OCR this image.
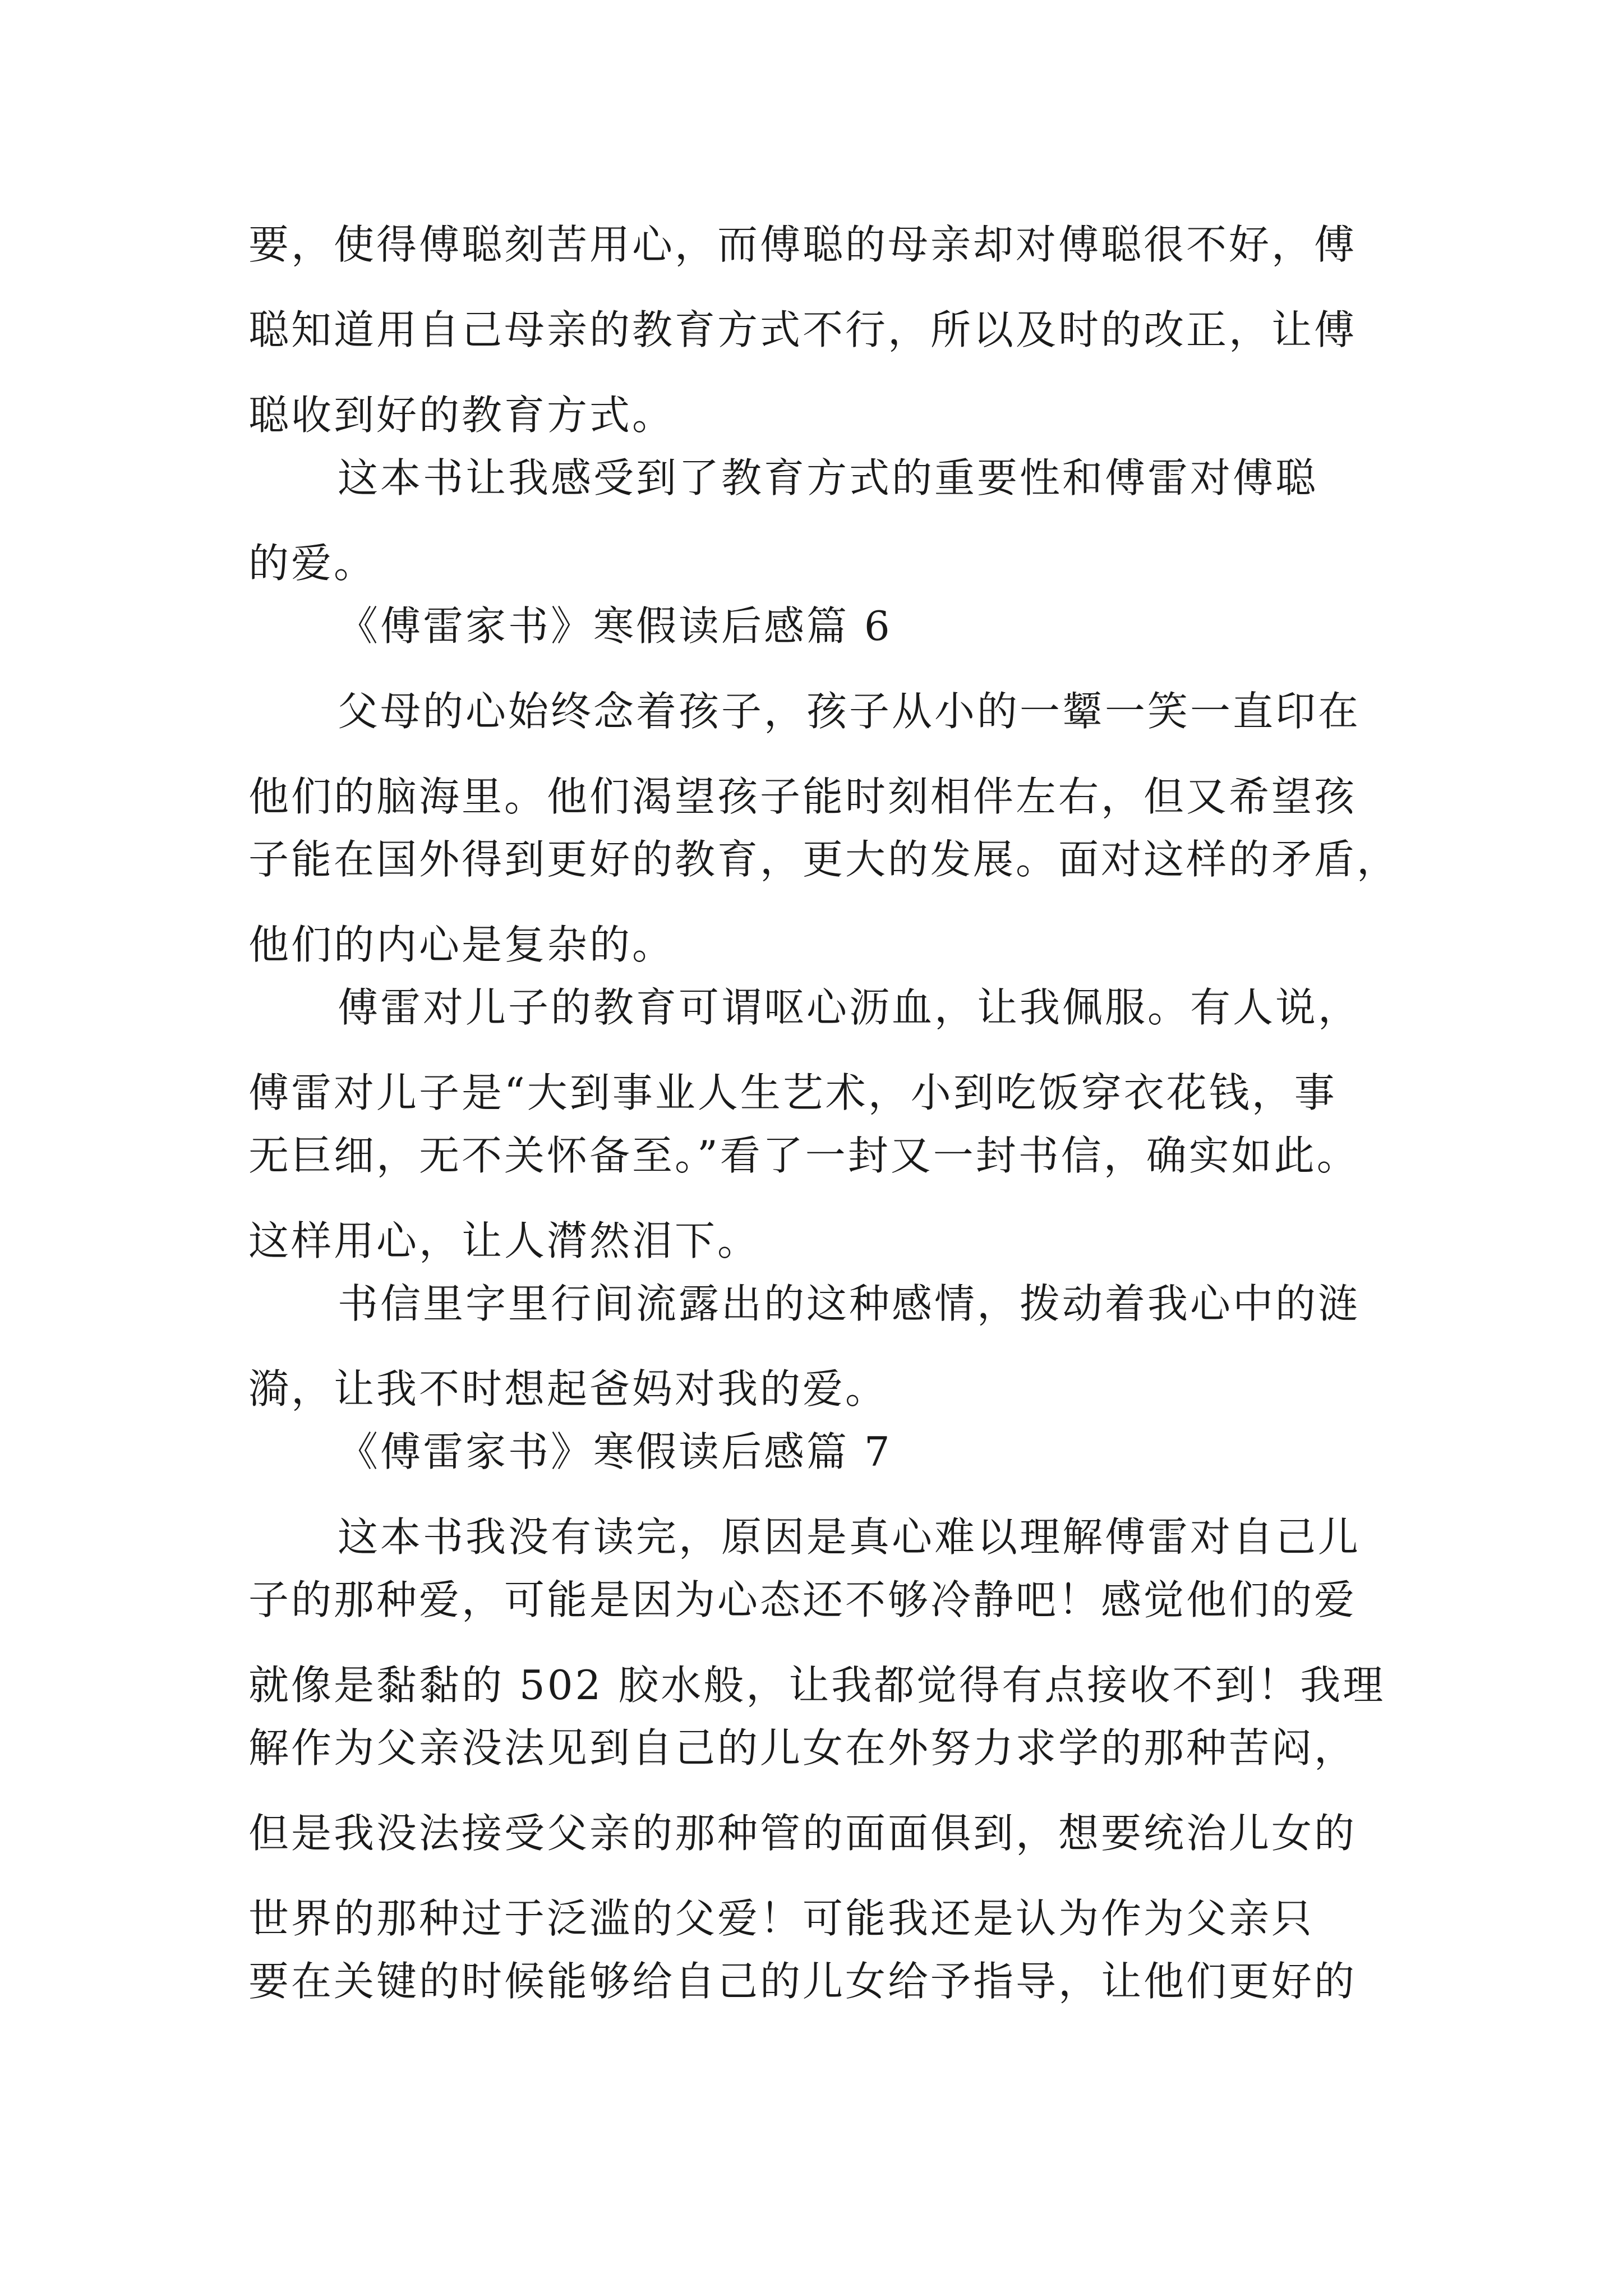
要，使得傅聪刻苦用心，而傅聪的母亲却对傅聪很不好，傅
聪知道用自己母亲的教育方式不行，所以及时的改正，让傅
聪收到好的教育方式。
这本书让我感受到了教育方式的重要性和傅雷对傅聪
的爱。
《傅雷家书》寒假读后感篇 6
父母的心始终念着孩子，孩子从小的一颦一笑一直印在
他们的脑海里。他们渴望孩子能时刻相伴左右，但又希望孩
子能在国外得到更好的教育，更大的发展。面对这样的矛盾，
他们的内心是复杂的。
傅雷对儿子的教育可谓呕心沥血，让我佩服。有人说，
傅雷对儿子是“大到事业人生艺术，小到吃饭穿衣花钱，事
无巨细，无不关怀备至。”看了一封又一封书信，确实如此。
这样用心，让人潸然泪下。
书信里字里行间流露出的这种感情，拨动着我心中的涟
漪，让我不时想起爸妈对我的爱。
《傅雷家书》寒假读后感篇 7
这本书我没有读完，原因是真心难以理解傅雷对自己儿
子的那种爱，可能是因为心态还不够冷静吧！感觉他们的爱
就像是黏黏的 502 胶水般，让我都觉得有点接收不到！我理
解作为父亲没法见到自己的儿女在外努力求学的那种苦闷，
但是我没法接受父亲的那种管的面面俱到，想要统治儿女的
世界的那种过于泛滥的父爱！可能我还是认为作为父亲只
要在关键的时候能够给自己的儿女给予指导，让他们更好的
